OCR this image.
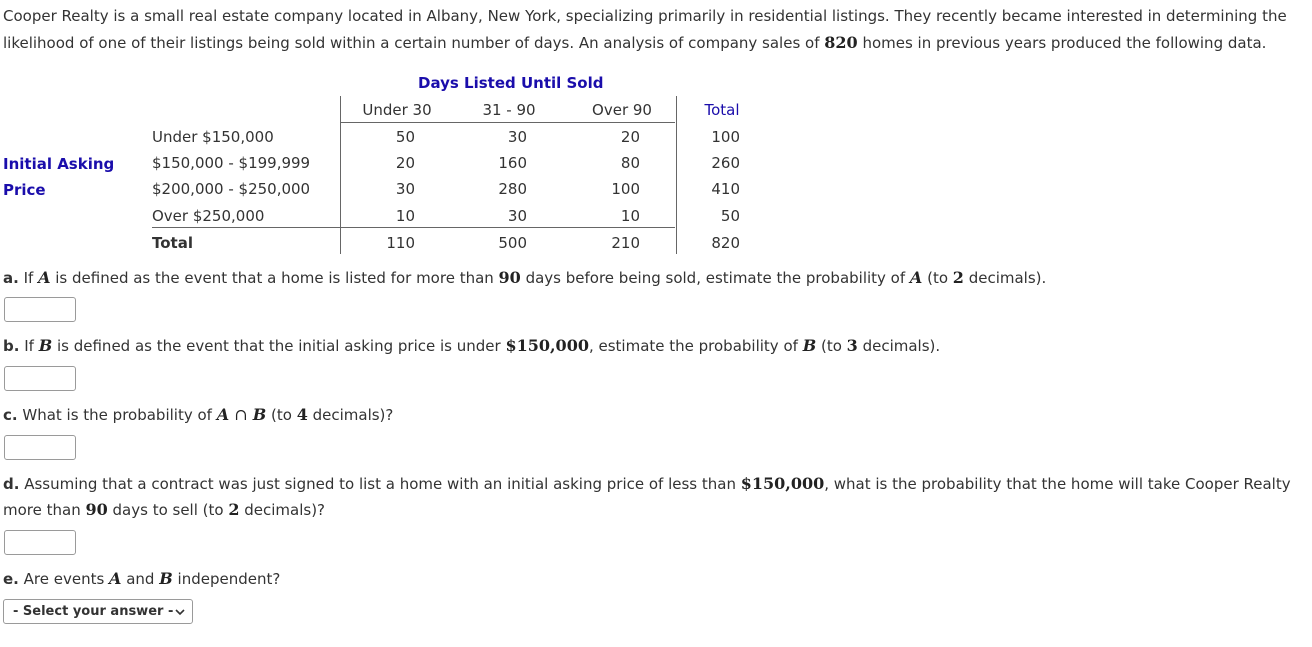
Cooper Realty is a small real estate company located in Albany, New York, specializing primarily in residential listings. They recently became interested in determining the
likelihood of one of their listings being sold within a certain number of days. An analysis of company sales of 820 homes in previous years produced the following data.
Days Listed Until Sold
Under 30	31 - 90	Over 90	Total
Initial Asking
Price
Under $150,000	50	30	20	100
$150,000 - $199,999	20	160	80	260
$200,000 - $250,000	30	280	100	410
Over $250,000	10	30	10	50
Total	110	500	210	820
a. If A is defined as the event that a home is listed for more than 90 days before being sold, estimate the probability of A (to 2 decimals).
b. If B is defined as the event that the initial asking price is under $150,000, estimate the probability of B (to 3 decimals).
c. What is the probability of A ∩ B (to 4 decimals)?
d. Assuming that a contract was just signed to list a home with an initial asking price of less than $150,000, what is the probability that the home will take Cooper Realty
more than 90 days to sell (to 2 decimals)?
e. Are events A and B independent?
- Select your answer -
